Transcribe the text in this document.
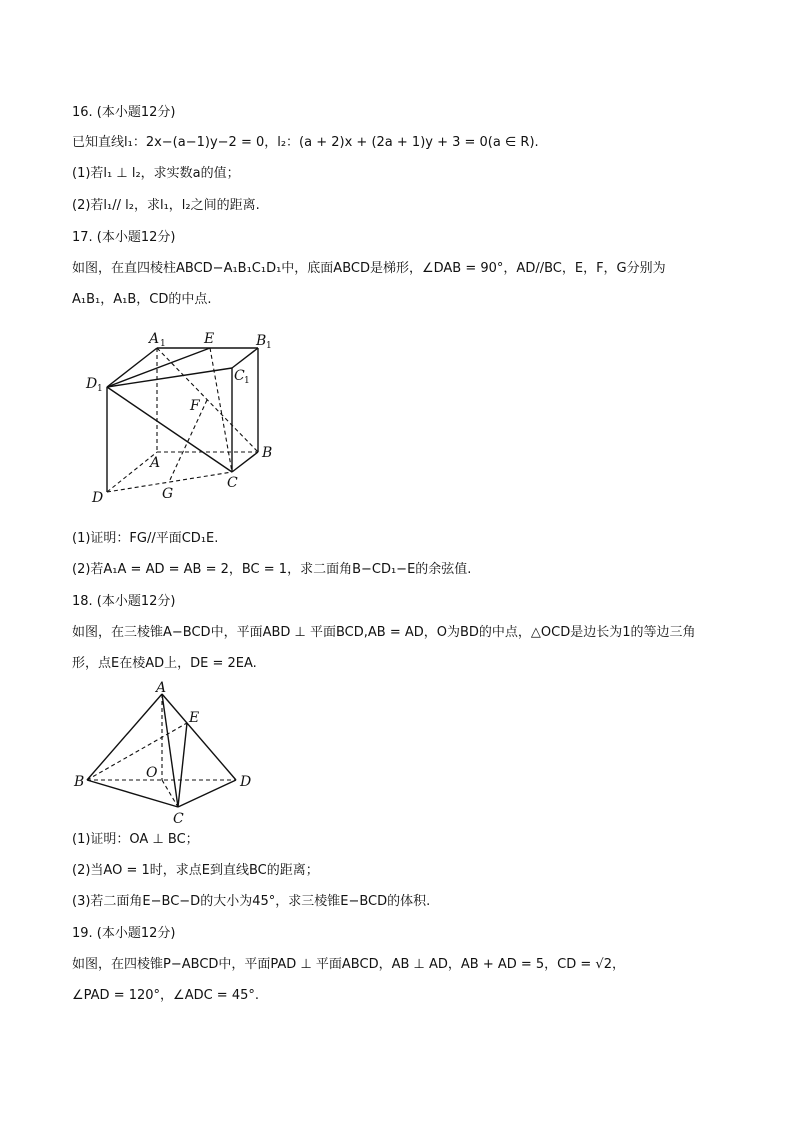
16. (本小题12分)
已知直线l₁：2x−(a−1)y−2 = 0，l₂：(a + 2)x + (2a + 1)y + 3 = 0(a ∈ R).
(1)若l₁ ⊥ l₂，求实数a的值；
(2)若l₁// l₂，求l₁，l₂之间的距离.
17. (本小题12分)
如图，在直四棱柱ABCD−A₁B₁C₁D₁中，底面ABCD是梯形，∠DAB = 90°，AD//BC，E，F，G分别为
A₁B₁，A₁B，CD的中点.
A 1	E	B 1
D 1
C 1
F
A
B
C
D	G
(1)证明：FG//平面CD₁E.
(2)若A₁A = AD = AB = 2，BC = 1，求二面角B−CD₁−E的余弦值.
18. (本小题12分)
如图，在三棱锥A−BCD中，平面ABD ⊥ 平面BCD,AB = AD，O为BD的中点，△OCD是边长为1的等边三角
形，点E在棱AD上，DE = 2EA.
A
E
B
O
D
C
(1)证明：OA ⊥ BC；
(2)当AO = 1时，求点E到直线BC的距离；
(3)若二面角E−BC−D的大小为45°，求三棱锥E−BCD的体积.
19. (本小题12分)
如图，在四棱锥P−ABCD中，平面PAD ⊥ 平面ABCD，AB ⊥ AD，AB + AD = 5，CD = √2，
∠PAD = 120°，∠ADC = 45°.
